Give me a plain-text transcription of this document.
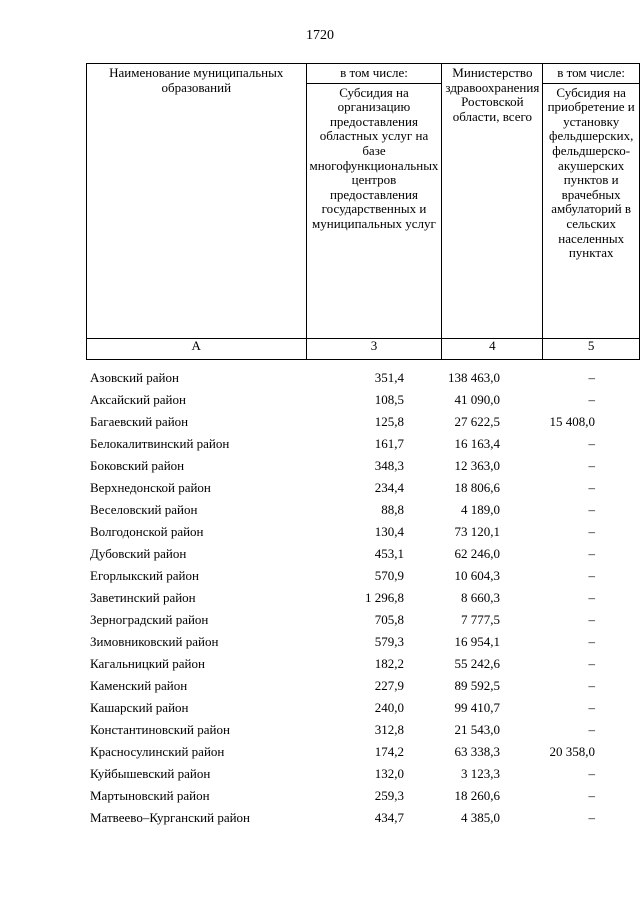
1720
Наименование муниципальных образований	в том числе:	Министерство здравоохранения Ростовской области, всего	в том числе:

	Субсидия на организацию предоставления областных услуг на базе многофункциональных центров предоставления государственных и муниципальных услуг		Субсидия на приобретение и установку фельдшерских, фельдшерско-акушерских пунктов и врачебных амбулаторий в сельских населенных пунктах

А	3	4	5
Азовский район	351,4	138 463,0	–
Аксайский район	108,5	41 090,0	–
Багаевский район	125,8	27 622,5	15 408,0
Белокалитвинский район	161,7	16 163,4	–
Боковский район	348,3	12 363,0	–
Верхнедонской район	234,4	18 806,6	–
Веселовский район	88,8	4 189,0	–
Волгодонской район	130,4	73 120,1	–
Дубовский район	453,1	62 246,0	–
Егорлыкский район	570,9	10 604,3	–
Заветинский район	1 296,8	8 660,3	–
Зерноградский район	705,8	7 777,5	–
Зимовниковский район	579,3	16 954,1	–
Кагальницкий район	182,2	55 242,6	–
Каменский район	227,9	89 592,5	–
Кашарский район	240,0	99 410,7	–
Константиновский район	312,8	21 543,0	–
Красносулинский район	174,2	63 338,3	20 358,0
Куйбышевский район	132,0	3 123,3	–
Мартыновский район	259,3	18 260,6	–
Матвеево–Курганский район	434,7	4 385,0	–
